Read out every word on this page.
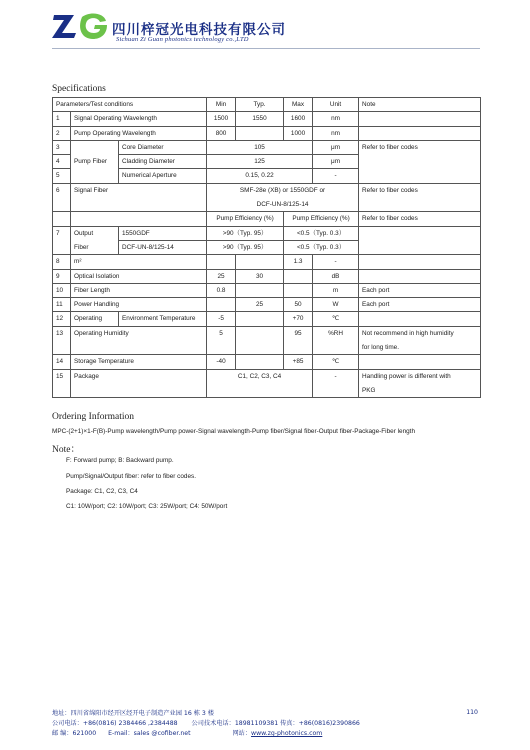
四川梓冠光电科技有限公司
Sichuan Zi Guan photonics technology co.,LTD
Specifications
Parameters/Test conditions			Min	Typ.	Max	Unit	Note
1	Signal Operating Wavelength		1500	1550	1600	nm	
2	Pump Operating Wavelength		800		1000	nm	
3		Core Diameter		105		μm	Refer to fiber codes
4	Pump Fiber	Cladding Diameter		125		μm	
5		Numerical Aperture	0.15, 0.22			-	
6	Signal Fiber		SMF-28e (XB) or 1550GDF or				Refer to fiber codes
			DCF-UN-8/125-14				
			Pump Efficiency (%)		Pump Efficiency (%)		Refer to fiber codes
7	Output	1550GDF	>90（Typ. 95）		<0.5（Typ. 0.3）		
	Fiber	DCF-UN-8/125-14	>90（Typ. 95）		<0.5（Typ. 0.3）		
8	m²				1.3	-	
9	Optical Isolation		25	30		dB	
10	Fiber Length		0.8			m	Each port
11	Power Handling			25	50	W	Each port
12	Operating	Environment Temperature	-5		+70	℃	
13	Operating Humidity		5		95	%RH	Not recommend in high humidity
							for long time.
14	Storage Temperature		-40		+85	℃	
15	Package		C1, C2, C3, C4			-	Handling power is different with
							PKG
Ordering Information
MPC-(2+1)×1-F(B)-Pump wavelength/Pump power-Signal wavelength-Pump fiber/Signal fiber-Output fiber-Package-Fiber length
Note：
F: Forward pump; B: Backward pump.
Pump/Signal/Output fiber: refer to fiber codes.
Package: C1, C2, C3, C4
C1: 10W/port; C2: 10W/port; C3: 25W/port; C4: 50W/port
地址：四川省绵阳市经开区经开电子制造产业园 16 栋 3 楼	110
公司电话：+86(0816) 2384466 ,2384488 公司技术电话：18981109381 传真：+86(0816)2390866
邮 编：621000 E-mail：sales @cofiber.net	网站：www.zg-photonics.com
